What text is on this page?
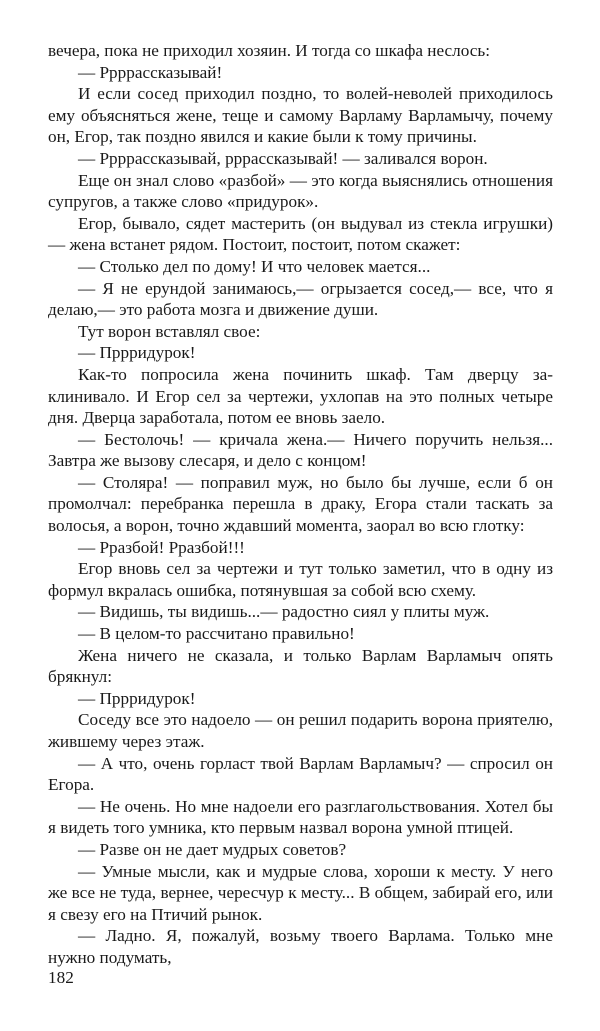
вечера, пока не приходил хозяин. И тогда со шкафа неслось:

— Ррррассказывай!

И если сосед приходил поздно, то волей-неволей приходилось ему объясняться жене, теще и самому Варламу Варламычу, почему он, Егор, так поздно явился и какие были к тому причины.

— Ррррассказывай, рррассказывай! — заливался ворон.

Еще он знал слово «разбой» — это когда выяснялись отношения супругов, а также слово «придурок».

Егор, бывало, сядет мастерить (он выдувал из стекла игрушки) — жена встанет рядом. Постоит, постоит, потом скажет:

— Столько дел по дому! И что человек мается...

— Я не ерундой занимаюсь,— огрызается сосед,— все, что я делаю,— это работа мозга и движение души.

Тут ворон вставлял свое:

— Пррридурок!

Как-то попросила жена починить шкаф. Там дверцу заклинивало. И Егор сел за чертежи, ухлопав на это полных четыре дня. Дверца заработала, потом ее вновь заело.

— Бестолочь! — кричала жена.— Ничего поручить нельзя... Завтра же вызову слесаря, и дело с концом!

— Столяра! — поправил муж, но было бы лучше, если б он промолчал: перебранка перешла в драку, Егора стали таскать за волосья, а ворон, точно ждавший момента, заорал во всю глотку:

— Рразбой! Рразбой!!!

Егор вновь сел за чертежи и тут только заметил, что в одну из формул вкралась ошибка, потянувшая за собой всю схему.

— Видишь, ты видишь...— радостно сиял у плиты муж.

— В целом-то рассчитано правильно!

Жена ничего не сказала, и только Варлам Варламыч опять брякнул:

— Пррридурок!

Соседу все это надоело — он решил подарить ворона приятелю, жившему через этаж.

— А что, очень горласт твой Варлам Варламыч? — спросил он Егора.

— Не очень. Но мне надоели его разглагольствования. Хотел бы я видеть того умника, кто первым назвал ворона умной птицей.

— Разве он не дает мудрых советов?

— Умные мысли, как и мудрые слова, хороши к месту. У него же все не туда, вернее, чересчур к месту... В общем, забирай его, или я свезу его на Птичий рынок.

— Ладно. Я, пожалуй, возьму твоего Варлама. Только мне нужно подумать,

182
